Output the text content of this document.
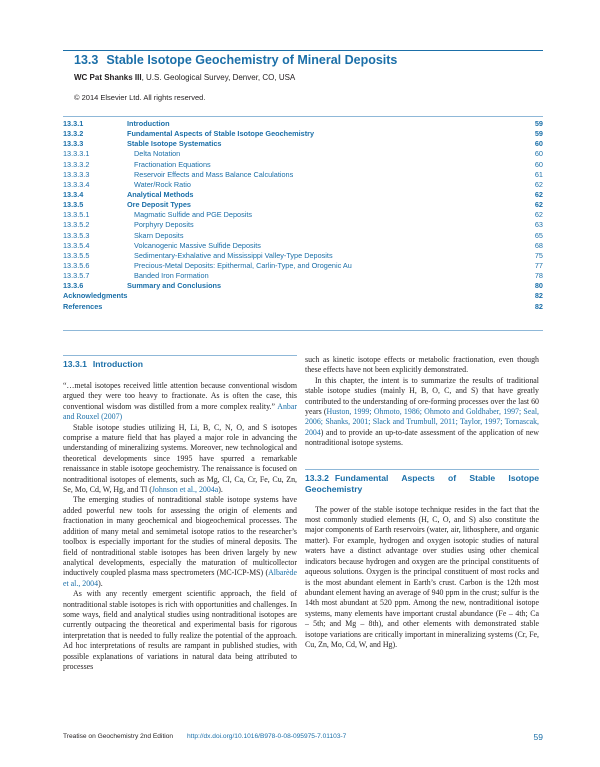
13.3 Stable Isotope Geochemistry of Mineral Deposits
WC Pat Shanks III, U.S. Geological Survey, Denver, CO, USA
© 2014 Elsevier Ltd. All rights reserved.
13.3.1	Introduction	59
13.3.2	Fundamental Aspects of Stable Isotope Geochemistry	59
13.3.3	Stable Isotope Systematics	60
13.3.3.1	Delta Notation	60
13.3.3.2	Fractionation Equations	60
13.3.3.3	Reservoir Effects and Mass Balance Calculations	61
13.3.3.4	Water/Rock Ratio	62
13.3.4	Analytical Methods	62
13.3.5	Ore Deposit Types	62
13.3.5.1	Magmatic Sulfide and PGE Deposits	62
13.3.5.2	Porphyry Deposits	63
13.3.5.3	Skarn Deposits	65
13.3.5.4	Volcanogenic Massive Sulfide Deposits	68
13.3.5.5	Sedimentary-Exhalative and Mississippi Valley-Type Deposits	75
13.3.5.6	Precious-Metal Deposits: Epithermal, Carlin-Type, and Orogenic Au	77
13.3.5.7	Banded Iron Formation	78
13.3.6	Summary and Conclusions	80
Acknowledgments	82
References	82
13.3.1 Introduction

“…metal isotopes received little attention because conventional wisdom argued they were too heavy to fractionate. As is often the case, this conventional wisdom was distilled from a more complex reality.” Anbar and Rouxel (2007)

Stable isotope studies utilizing H, Li, B, C, N, O, and S isotopes comprise a mature field that has played a major role in advancing the understanding of mineralizing systems. Moreover, new technological and theoretical developments since 1995 have spurred a remarkable renaissance in stable isotope geochemistry. The renaissance is focused on nontraditional isotopes of elements, such as Mg, Cl, Ca, Cr, Fe, Cu, Zn, Se, Mo, Cd, W, Hg, and Tl (Johnson et al., 2004a).

The emerging studies of nontraditional stable isotope systems have added powerful new tools for assessing the origin of elements and fractionation in many geochemical and biogeochemical processes. The addition of many metal and semimetal isotope ratios to the researcher’s toolbox is especially important for the studies of mineral deposits. The field of nontraditional stable isotopes has been driven largely by new analytical developments, especially the maturation of multicollector inductively coupled plasma mass spectrometers (MC-ICP-MS) (Albarède et al., 2004).

As with any recently emergent scientific approach, the field of nontraditional stable isotopes is rich with opportunities and challenges. In some ways, field and analytical studies using nontraditional isotopes are currently outpacing the theoretical and experimental basis for rigorous interpretation that is needed to fully realize the potential of the approach. Ad hoc interpretations of results are rampant in published studies, with possible explanations of variations in natural data being attributed to processes

such as kinetic isotope effects or metabolic fractionation, even though these effects have not been explicitly demonstrated.

In this chapter, the intent is to summarize the results of traditional stable isotope studies (mainly H, B, O, C, and S) that have greatly contributed to the understanding of ore-forming processes over the last 60 years (Huston, 1999; Ohmoto, 1986; Ohmoto and Goldhaber, 1997; Seal, 2006; Shanks, 2001; Slack and Trumbull, 2011; Taylor, 1997; Tornascak, 2004) and to provide an up-to-date assessment of the application of new nontraditional isotope systems.

13.3.2 Fundamental Aspects of Stable Isotope Geochemistry

The power of the stable isotope technique resides in the fact that the most commonly studied elements (H, C, O, and S) also constitute the major components of Earth reservoirs (water, air, lithosphere, and organic matter). For example, hydrogen and oxygen isotopic studies of natural waters have a distinct advantage over studies using other chemical indicators because hydrogen and oxygen are the principal constituents of aqueous solutions. Oxygen is the principal constituent of most rocks and is the most abundant element in Earth’s crust. Carbon is the 12th most abundant element having an average of 940 ppm in the crust; sulfur is the 14th most abundant at 520 ppm. Among the new, nontraditional isotope systems, many elements have important crustal abundance (Fe – 4th; Ca – 5th; and Mg – 8th), and other elements with demonstrated stable isotope variations are critically important in mineralizing systems (Cr, Fe, Cu, Zn, Mo, Cd, W, and Hg).

Treatise on Geochemistry 2nd Edition http://dx.doi.org/10.1016/B978-0-08-095975-7.01103-7	59
